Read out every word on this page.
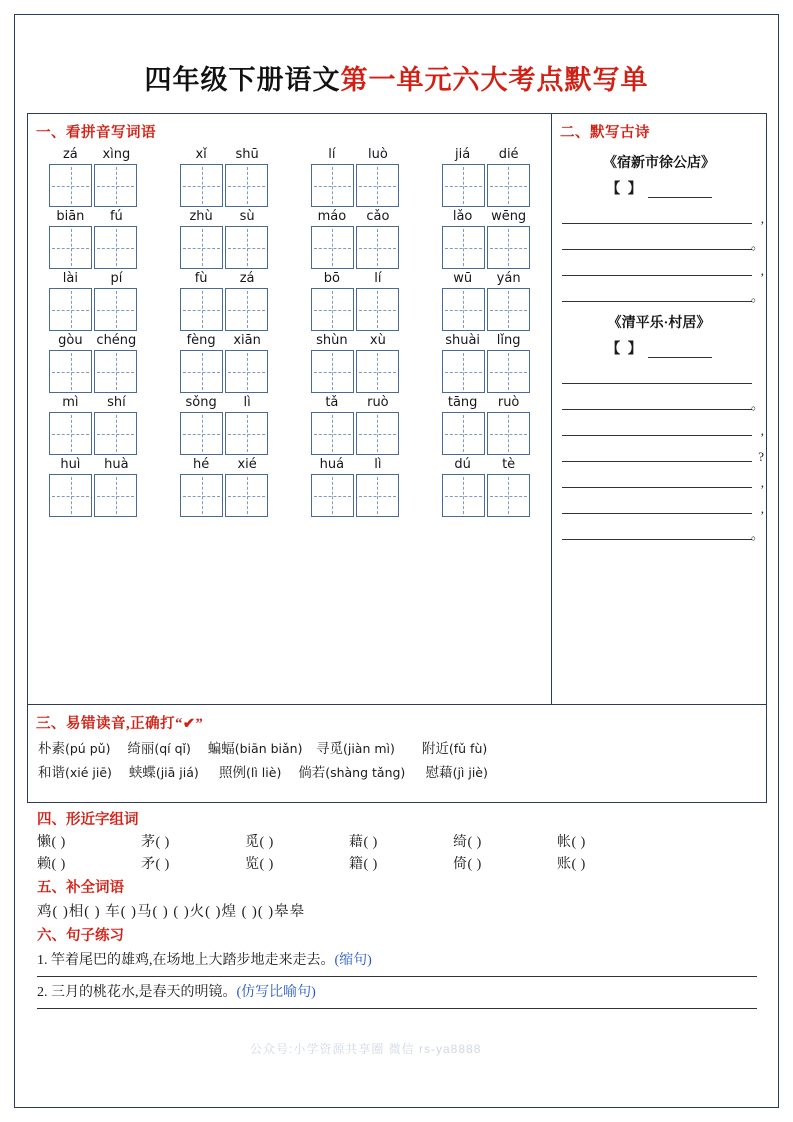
四年级下册语文第一单元六大考点默写单
一、看拼音写词语
zá	xìng	xǐ	shū	lí	luò	jiá	dié
biān	fú	zhù	sù	máo	cǎo	lǎo	wēng
lài	pí	fù	zá	bō	lí	wū	yán
gòu	chéng	fèng	xiān	shùn	xù	shuài	lǐng
mì	shí	sǒng	lì	tǎ	ruò	tāng	ruò
huì	huà	hé	xié	huá	lì	dú	tè
二、默写古诗
《宿新市徐公店》
【 】
,
。
,
。
《清平乐·村居》
【 】
。
,
?
,
,
。
三、易错读音,正确打“✔”
朴素(pú pǔ) 绮丽(qí qǐ) 蝙蝠(biān biǎn) 寻觅(jiàn mì) 附近(fǔ fù)
和谐(xié jiē) 蛱蝶(jiā jiá) 照例(lì liè) 倘若(shàng tǎng) 慰藉(jì jiè)
四、形近字组词
懒( )	茅( )	觅( )	藉( )	绮( )	帐( )
赖( )	矛( )	览( )	籍( )	倚( )	账( )
五、补全词语
鸡( )相( ) 车( )马( ) ( )火( )煌 ( )( )皋皋
六、句子练习
1. 竿着尾巴的雄鸡,在场地上大踏步地走来走去。(缩句)
2. 三月的桃花水,是春天的明镜。(仿写比喻句)
公众号:小学资源共享圈 微信 rs-ya8888
